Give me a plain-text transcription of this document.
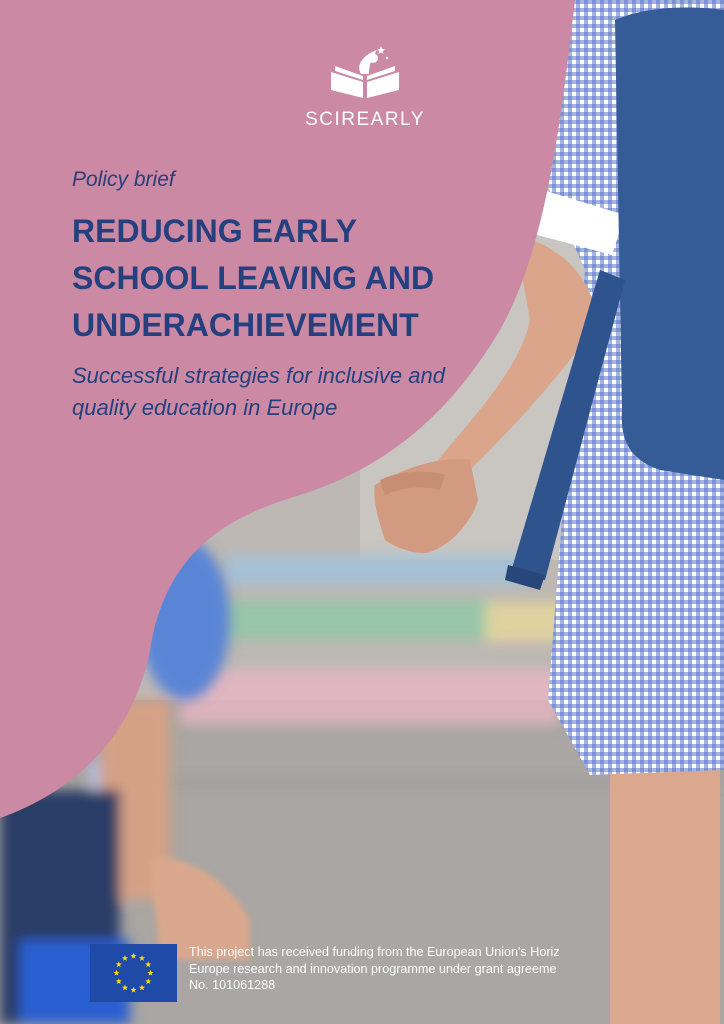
SCIREARLY

Policy brief

REDUCING EARLY SCHOOL LEAVING AND UNDERACHIEVEMENT

Successful strategies for inclusive and quality education in Europe

This project has received funding from the European Union's Horiz
Europe research and innovation programme under grant agreeme
No. 101061288
